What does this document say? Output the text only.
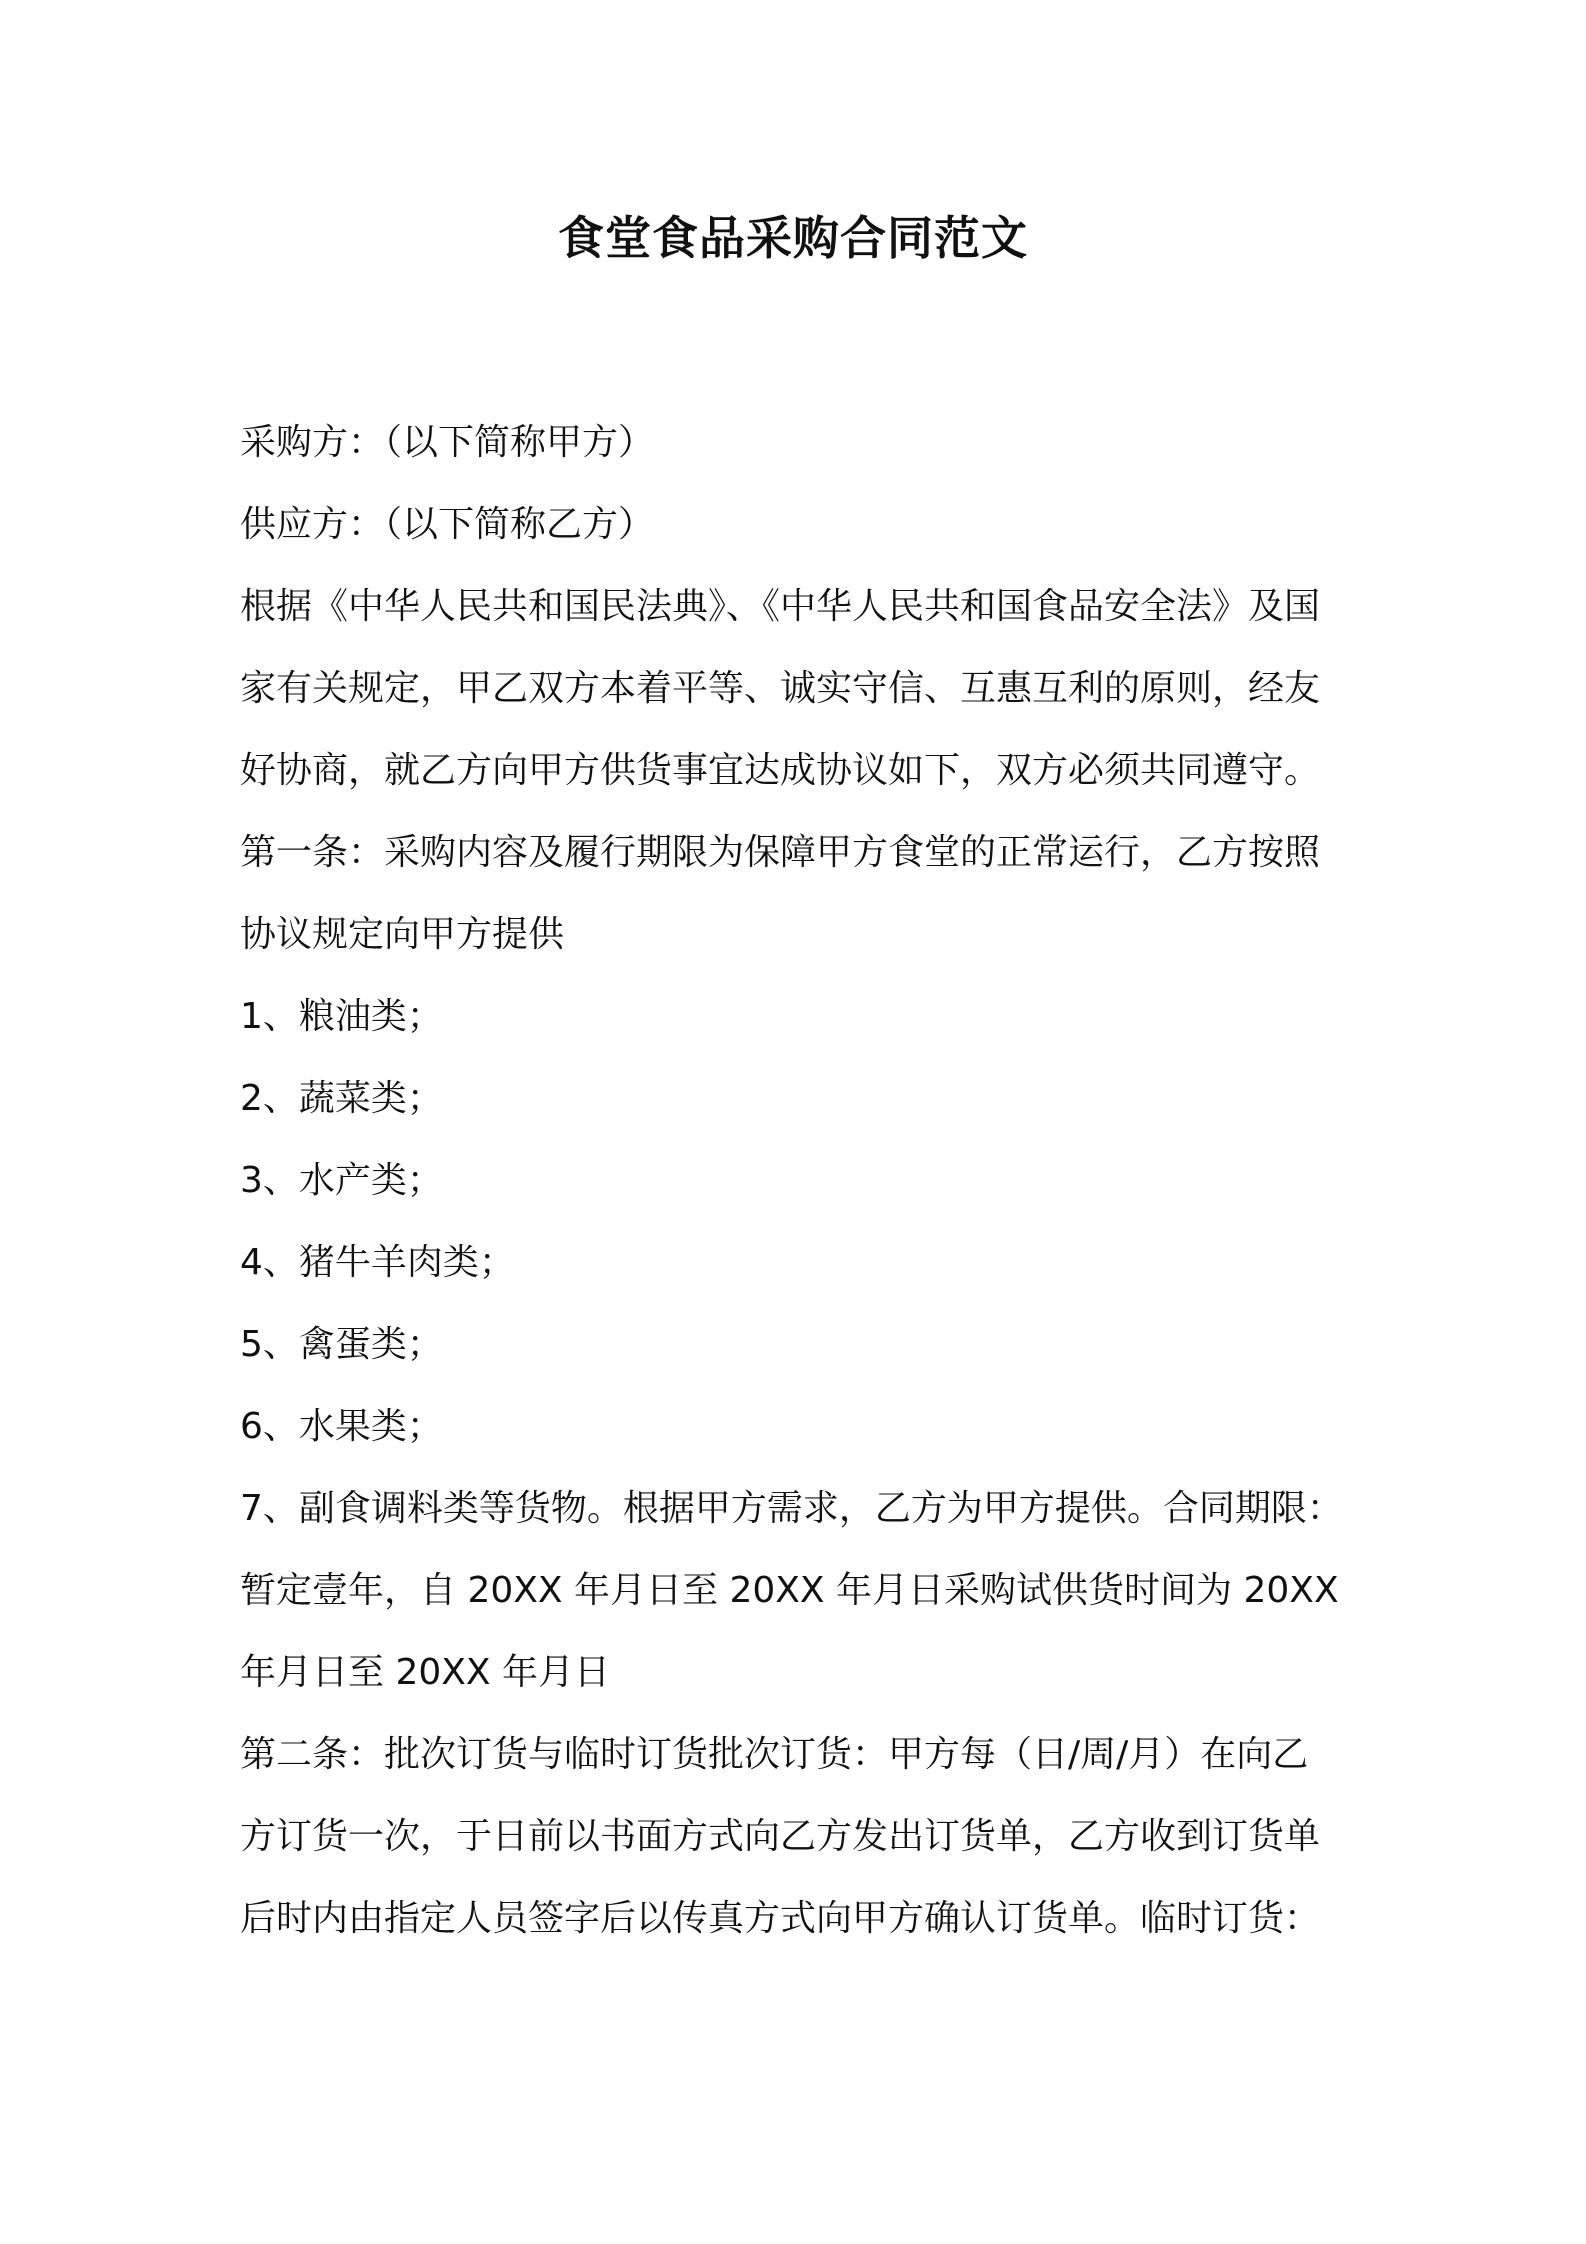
食堂食品采购合同范文
采购方：（以下简称甲方）
供应方：（以下简称乙方）
根据《中华人民共和国民法典》、《中华人民共和国食品安全法》及国
家有关规定，甲乙双方本着平等、诚实守信、互惠互利的原则，经友
好协商，就乙方向甲方供货事宜达成协议如下，双方必须共同遵守。
第一条：采购内容及履行期限为保障甲方食堂的正常运行，乙方按照
协议规定向甲方提供
1、粮油类；
2、蔬菜类；
3、水产类；
4、猪牛羊肉类；
5、禽蛋类；
6、水果类；
7、副食调料类等货物。根据甲方需求，乙方为甲方提供。合同期限：
暂定壹年，自 20XX 年月日至 20XX 年月日采购试供货时间为 20XX
年月日至 20XX 年月日
第二条：批次订货与临时订货批次订货：甲方每（日/周/月）在向乙
方订货一次，于日前以书面方式向乙方发出订货单，乙方收到订货单
后时内由指定人员签字后以传真方式向甲方确认订货单。临时订货：
